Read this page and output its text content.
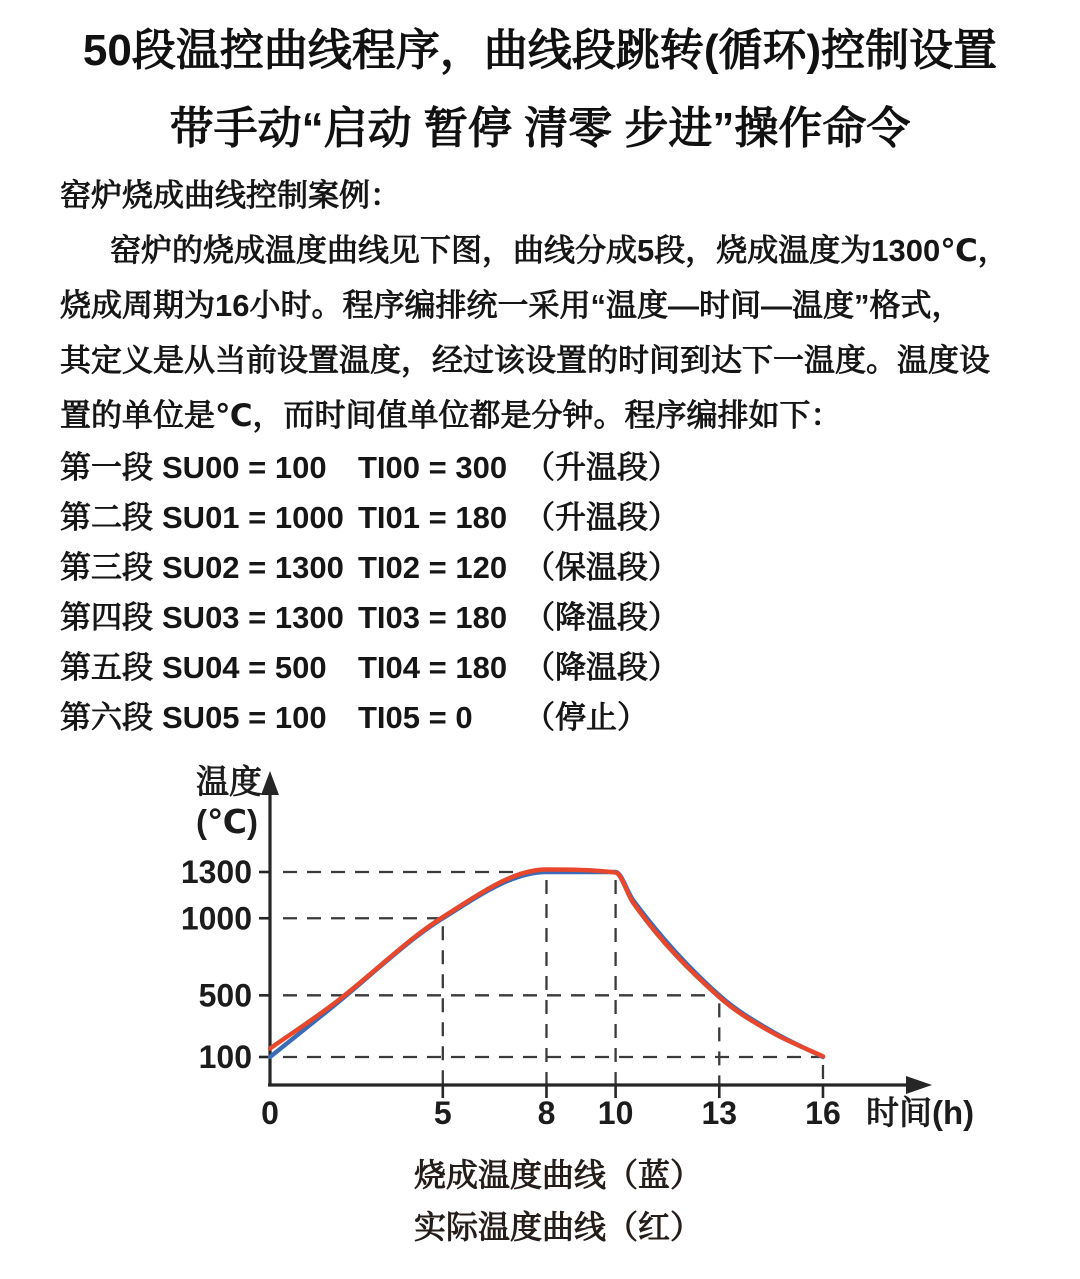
50段温控曲线程序，曲线段跳转(循环)控制设置
带手动“启动 暂停 清零 步进”操作命令
窑炉烧成曲线控制案例：
窑炉的烧成温度曲线见下图，曲线分成5段，烧成温度为1300℃，
烧成周期为16小时。程序编排统一采用“温度—时间—温度”格式，
其定义是从当前设置温度，经过该设置的时间到达下一温度。温度设
置的单位是℃，而时间值单位都是分钟。程序编排如下：
第一段 SU00 = 100	TI00 = 300 （升温段）
第二段 SU01 = 1000 TI01 = 180 （升温段）
第三段 SU02 = 1300 TI02 = 120 （保温段）
第四段 SU03 = 1300 TI03 = 180 （降温段）
第五段 SU04 = 500	TI04 = 180 （降温段）
第六段 SU05 = 100	TI05 = 0	（停止）
0	5	8 10 13 16
100
500
1000
1300
温度
(℃)
时间(h)
烧成温度曲线（蓝）
实际温度曲线（红）
